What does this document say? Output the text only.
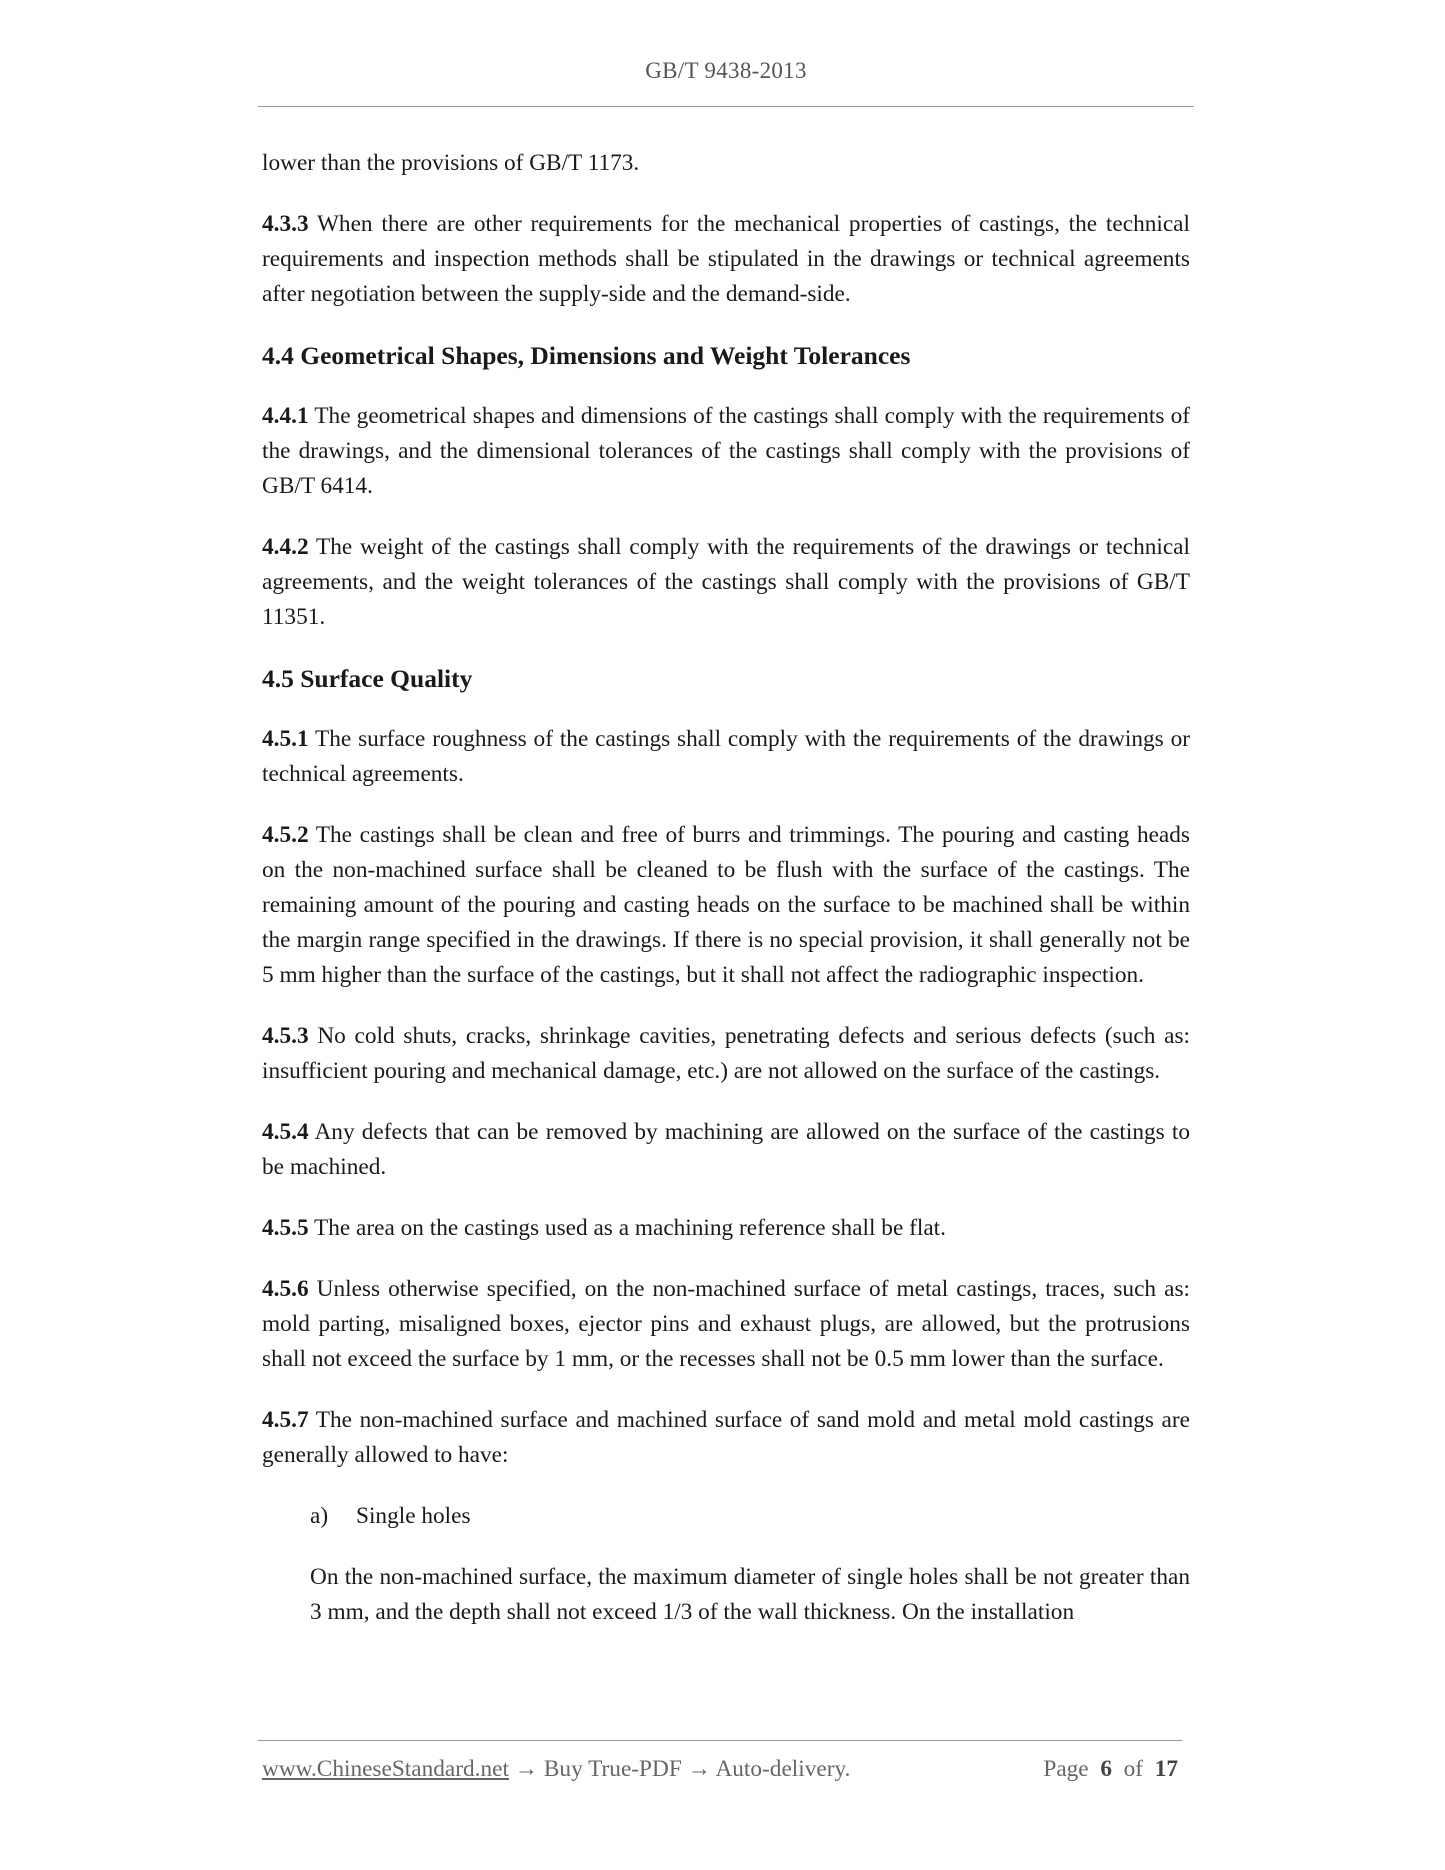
GB/T 9438-2013

lower than the provisions of GB/T 1173.

4.3.3 When there are other requirements for the mechanical properties of castings, the technical requirements and inspection methods shall be stipulated in the drawings or technical agreements after negotiation between the supply-side and the demand-side.

4.4 Geometrical Shapes, Dimensions and Weight Tolerances

4.4.1 The geometrical shapes and dimensions of the castings shall comply with the requirements of the drawings, and the dimensional tolerances of the castings shall comply with the provisions of GB/T 6414.

4.4.2 The weight of the castings shall comply with the requirements of the drawings or technical agreements, and the weight tolerances of the castings shall comply with the provisions of GB/T 11351.

4.5 Surface Quality

4.5.1 The surface roughness of the castings shall comply with the requirements of the drawings or technical agreements.

4.5.2 The castings shall be clean and free of burrs and trimmings. The pouring and casting heads on the non-machined surface shall be cleaned to be flush with the surface of the castings. The remaining amount of the pouring and casting heads on the surface to be machined shall be within the margin range specified in the drawings. If there is no special provision, it shall generally not be 5 mm higher than the surface of the castings, but it shall not affect the radiographic inspection.

4.5.3 No cold shuts, cracks, shrinkage cavities, penetrating defects and serious defects (such as: insufficient pouring and mechanical damage, etc.) are not allowed on the surface of the castings.

4.5.4 Any defects that can be removed by machining are allowed on the surface of the castings to be machined.

4.5.5 The area on the castings used as a machining reference shall be flat.

4.5.6 Unless otherwise specified, on the non-machined surface of metal castings, traces, such as: mold parting, misaligned boxes, ejector pins and exhaust plugs, are allowed, but the protrusions shall not exceed the surface by 1 mm, or the recesses shall not be 0.5 mm lower than the surface.

4.5.7 The non-machined surface and machined surface of sand mold and metal mold castings are generally allowed to have:

a) Single holes

On the non-machined surface, the maximum diameter of single holes shall be not greater than 3 mm, and the depth shall not exceed 1/3 of the wall thickness. On the installation

www.ChineseStandard.net → Buy True-PDF → Auto-delivery.	Page 6 of 17
